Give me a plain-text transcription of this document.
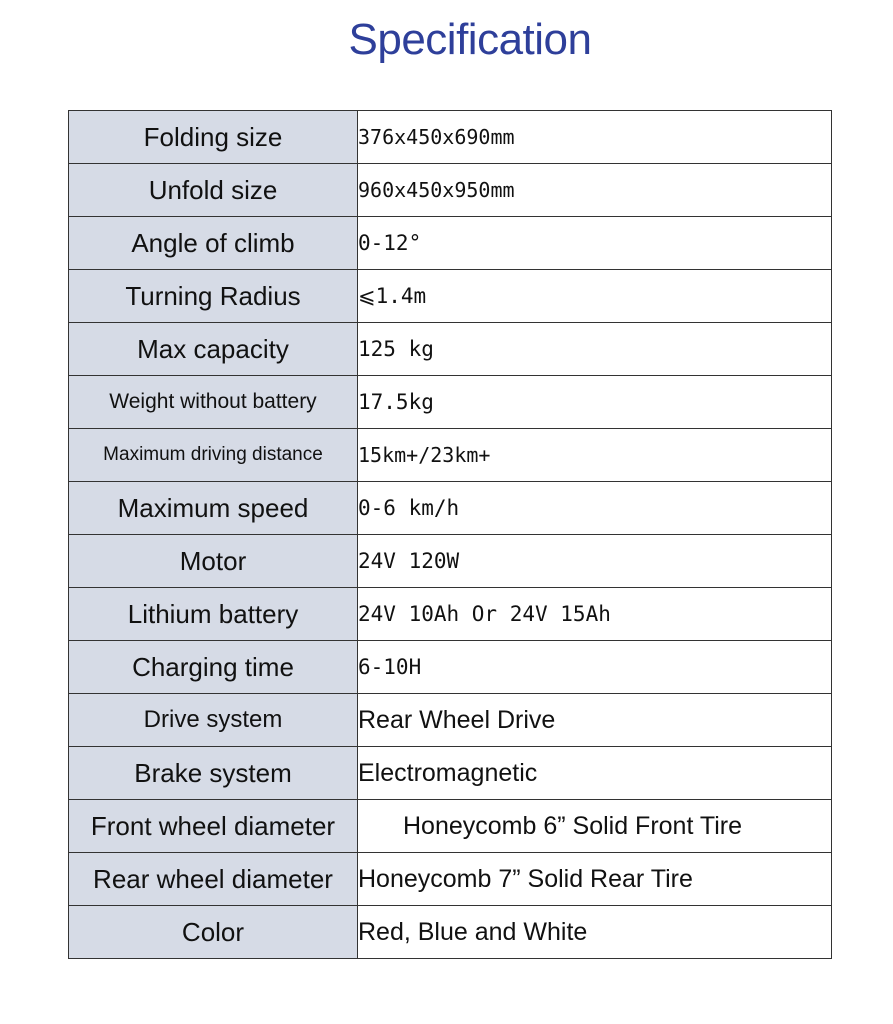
Specification
Folding size	376x450x690mm
Unfold size	960x450x950mm
Angle of climb	0-12°
Turning Radius	⩽1.4m
Max capacity	125 kg
Weight without battery	17.5kg
Maximum driving distance	15km+/23km+
Maximum speed	0-6 km/h
Motor	24V 120W
Lithium battery	24V 10Ah Or 24V 15Ah
Charging time	6-10H
Drive system	Rear Wheel Drive
Brake system	Electromagnetic
Front wheel diameter	Honeycomb 6” Solid Front Tire
Rear wheel diameter	Honeycomb 7” Solid Rear Tire
Color	Red, Blue and White
